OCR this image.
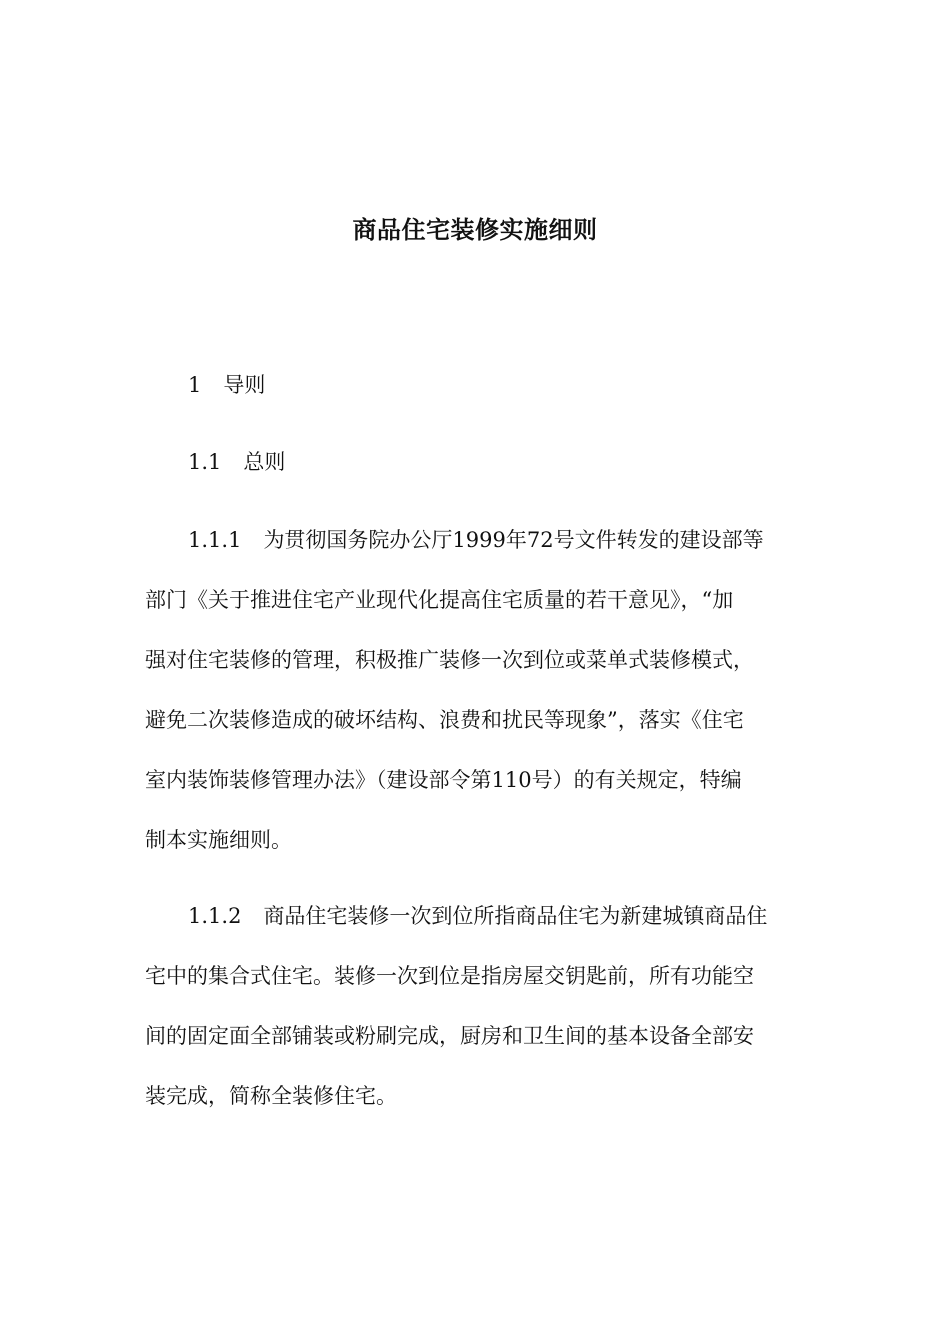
商品住宅装修实施细则

1 导则

1.1 总则

1.1.1 为贯彻国务院办公厅1999年72号文件转发的建设部等
部门《关于推进住宅产业现代化提高住宅质量的若干意见》，“加
强对住宅装修的管理，积极推广装修一次到位或菜单式装修模式，
避免二次装修造成的破坏结构、浪费和扰民等现象”，落实《住宅
室内装饰装修管理办法》（建设部令第110号）的有关规定，特编
制本实施细则。
1.1.2 商品住宅装修一次到位所指商品住宅为新建城镇商品住
宅中的集合式住宅。装修一次到位是指房屋交钥匙前，所有功能空
间的固定面全部铺装或粉刷完成，厨房和卫生间的基本设备全部安
装完成，简称全装修住宅。
